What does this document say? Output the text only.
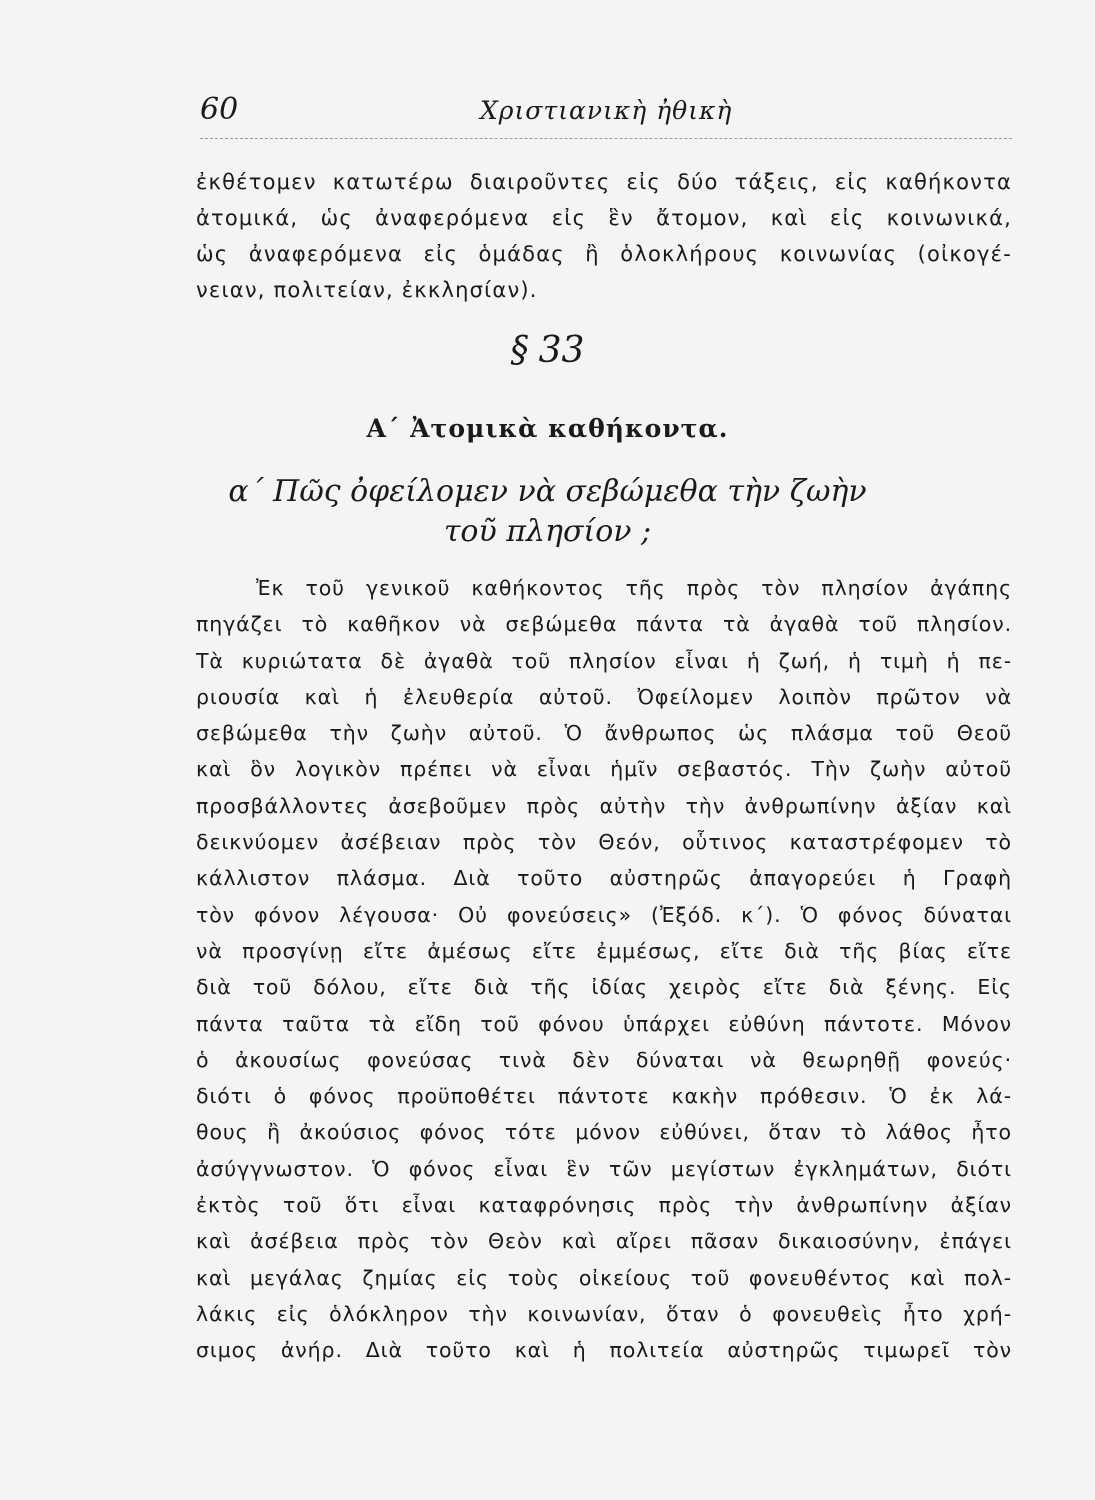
60	Χριστιανικὴ ἠθικὴ
ἐκθέτομεν κατωτέρω διαιροῦντες εἰς δύο τάξεις, εἰς καθήκοντα
ἀτομικά, ὡς ἀναφερόμενα εἰς ἓν ἄτομον, καὶ εἰς κοινωνικά,
ὡς ἀναφερόμενα εἰς ὁμάδας ἢ ὁλοκλήρους κοινωνίας (οἰκογέ-
νειαν, πολιτείαν, ἐκκλησίαν).
§ 33
Α΄ Ἀτομικὰ καθήκοντα.
α΄ Πῶς ὀφείλομεν νὰ σεβώμεθα τὴν ζωὴν
τοῦ πλησίον ;
Ἐκ τοῦ γενικοῦ καθήκοντος τῆς πρὸς τὸν πλησίον ἀγάπης
πηγάζει τὸ καθῆκον νὰ σεβώμεθα πάντα τὰ ἀγαθὰ τοῦ πλησίον.
Τὰ κυριώτατα δὲ ἀγαθὰ τοῦ πλησίον εἶναι ἡ ζωή, ἡ τιμὴ ἡ πε-
ριουσία καὶ ἡ ἐλευθερία αὐτοῦ. Ὀφείλομεν λοιπὸν πρῶτον νὰ
σεβώμεθα τὴν ζωὴν αὐτοῦ. Ὁ ἄνθρωπος ὡς πλάσμα τοῦ Θεοῦ
καὶ ὃν λογικὸν πρέπει νὰ εἶναι ἡμῖν σεβαστός. Τὴν ζωὴν αὐτοῦ
προσβάλλοντες ἀσεβοῦμεν πρὸς αὐτὴν τὴν ἀνθρωπίνην ἀξίαν καὶ
δεικνύομεν ἀσέβειαν πρὸς τὸν Θεόν, οὗτινος καταστρέφομεν τὸ
κάλλιστον πλάσμα. Διὰ τοῦτο αὐστηρῶς ἀπαγορεύει ἡ Γραφὴ
τὸν φόνον λέγουσα· Οὐ φονεύσεις» (Ἐξόδ. κ΄). Ὁ φόνος δύναται
νὰ προσγίνῃ εἴτε ἀμέσως εἴτε ἐμμέσως, εἴτε διὰ τῆς βίας εἴτε
διὰ τοῦ δόλου, εἴτε διὰ τῆς ἰδίας χειρὸς εἴτε διὰ ξένης. Εἰς
πάντα ταῦτα τὰ εἴδη τοῦ φόνου ὑπάρχει εὐθύνη πάντοτε. Μόνον
ὁ ἀκουσίως φονεύσας τινὰ δὲν δύναται νὰ θεωρηθῇ φονεύς·
διότι ὁ φόνος προϋποθέτει πάντοτε κακὴν πρόθεσιν. Ὁ ἐκ λά-
θους ἢ ἀκούσιος φόνος τότε μόνον εὐθύνει, ὅταν τὸ λάθος ἦτο
ἀσύγγνωστον. Ὁ φόνος εἶναι ἓν τῶν μεγίστων ἐγκλημάτων, διότι
ἐκτὸς τοῦ ὅτι εἶναι καταφρόνησις πρὸς τὴν ἀνθρωπίνην ἀξίαν
καὶ ἀσέβεια πρὸς τὸν Θεὸν καὶ αἴρει πᾶσαν δικαιοσύνην, ἐπάγει
καὶ μεγάλας ζημίας εἰς τοὺς οἰκείους τοῦ φονευθέντος καὶ πολ-
λάκις εἰς ὁλόκληρον τὴν κοινωνίαν, ὅταν ὁ φονευθεὶς ἦτο χρή-
σιμος ἀνήρ. Διὰ τοῦτο καὶ ἡ πολιτεία αὐστηρῶς τιμωρεῖ τὸν
